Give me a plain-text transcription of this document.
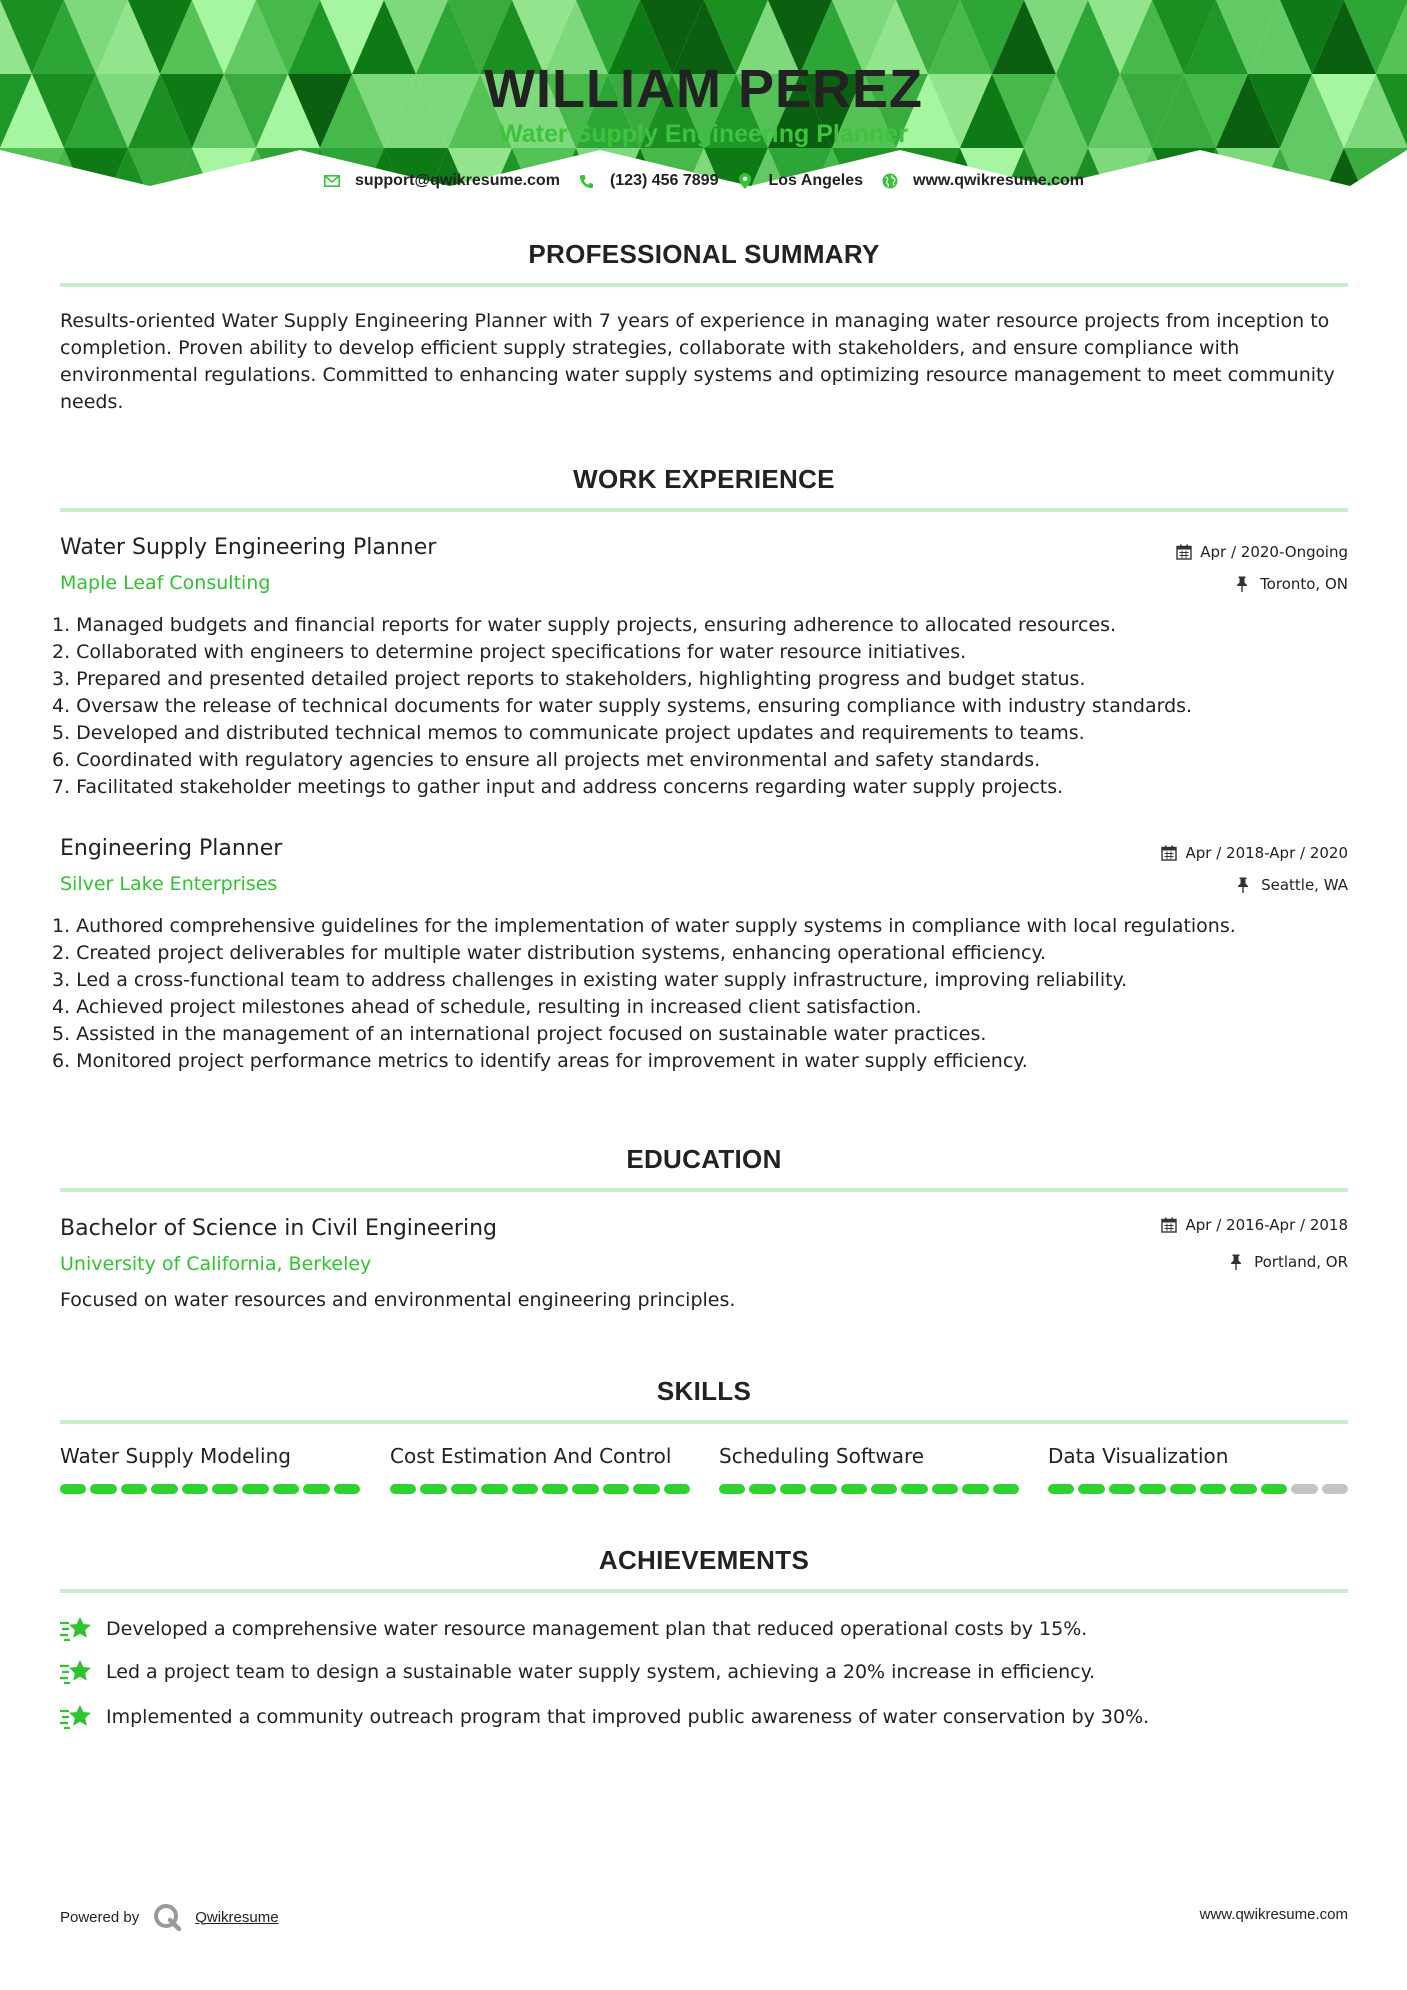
WILLIAM PEREZ
Water Supply Engineering Planner
support@qwikresume.com	(123) 456 7899	Los Angeles	www.qwikresume.com
PROFESSIONAL SUMMARY
Results-oriented Water Supply Engineering Planner with 7 years of experience in managing water resource projects from inception to completion. Proven ability to develop efficient supply strategies, collaborate with stakeholders, and ensure compliance with environmental regulations. Committed to enhancing water supply systems and optimizing resource management to meet community needs.
WORK EXPERIENCE
Water Supply Engineering Planner
Maple Leaf Consulting
Apr / 2020-Ongoing
Toronto, ON
1. Managed budgets and financial reports for water supply projects, ensuring adherence to allocated resources.
2. Collaborated with engineers to determine project specifications for water resource initiatives.
3. Prepared and presented detailed project reports to stakeholders, highlighting progress and budget status.
4. Oversaw the release of technical documents for water supply systems, ensuring compliance with industry standards.
5. Developed and distributed technical memos to communicate project updates and requirements to teams.
6. Coordinated with regulatory agencies to ensure all projects met environmental and safety standards.
7. Facilitated stakeholder meetings to gather input and address concerns regarding water supply projects.
Engineering Planner
Silver Lake Enterprises
Apr / 2018-Apr / 2020
Seattle, WA
1. Authored comprehensive guidelines for the implementation of water supply systems in compliance with local regulations.
2. Created project deliverables for multiple water distribution systems, enhancing operational efficiency.
3. Led a cross-functional team to address challenges in existing water supply infrastructure, improving reliability.
4. Achieved project milestones ahead of schedule, resulting in increased client satisfaction.
5. Assisted in the management of an international project focused on sustainable water practices.
6. Monitored project performance metrics to identify areas for improvement in water supply efficiency.
EDUCATION
Bachelor of Science in Civil Engineering
University of California, Berkeley
Apr / 2016-Apr / 2018
Portland, OR
Focused on water resources and environmental engineering principles.
SKILLS
Water Supply Modeling	Cost Estimation And Control	Scheduling Software	Data Visualization
ACHIEVEMENTS
Developed a comprehensive water resource management plan that reduced operational costs by 15%.
Led a project team to design a sustainable water supply system, achieving a 20% increase in efficiency.
Implemented a community outreach program that improved public awareness of water conservation by 30%.
Powered by	Qwikresume	www.qwikresume.com
